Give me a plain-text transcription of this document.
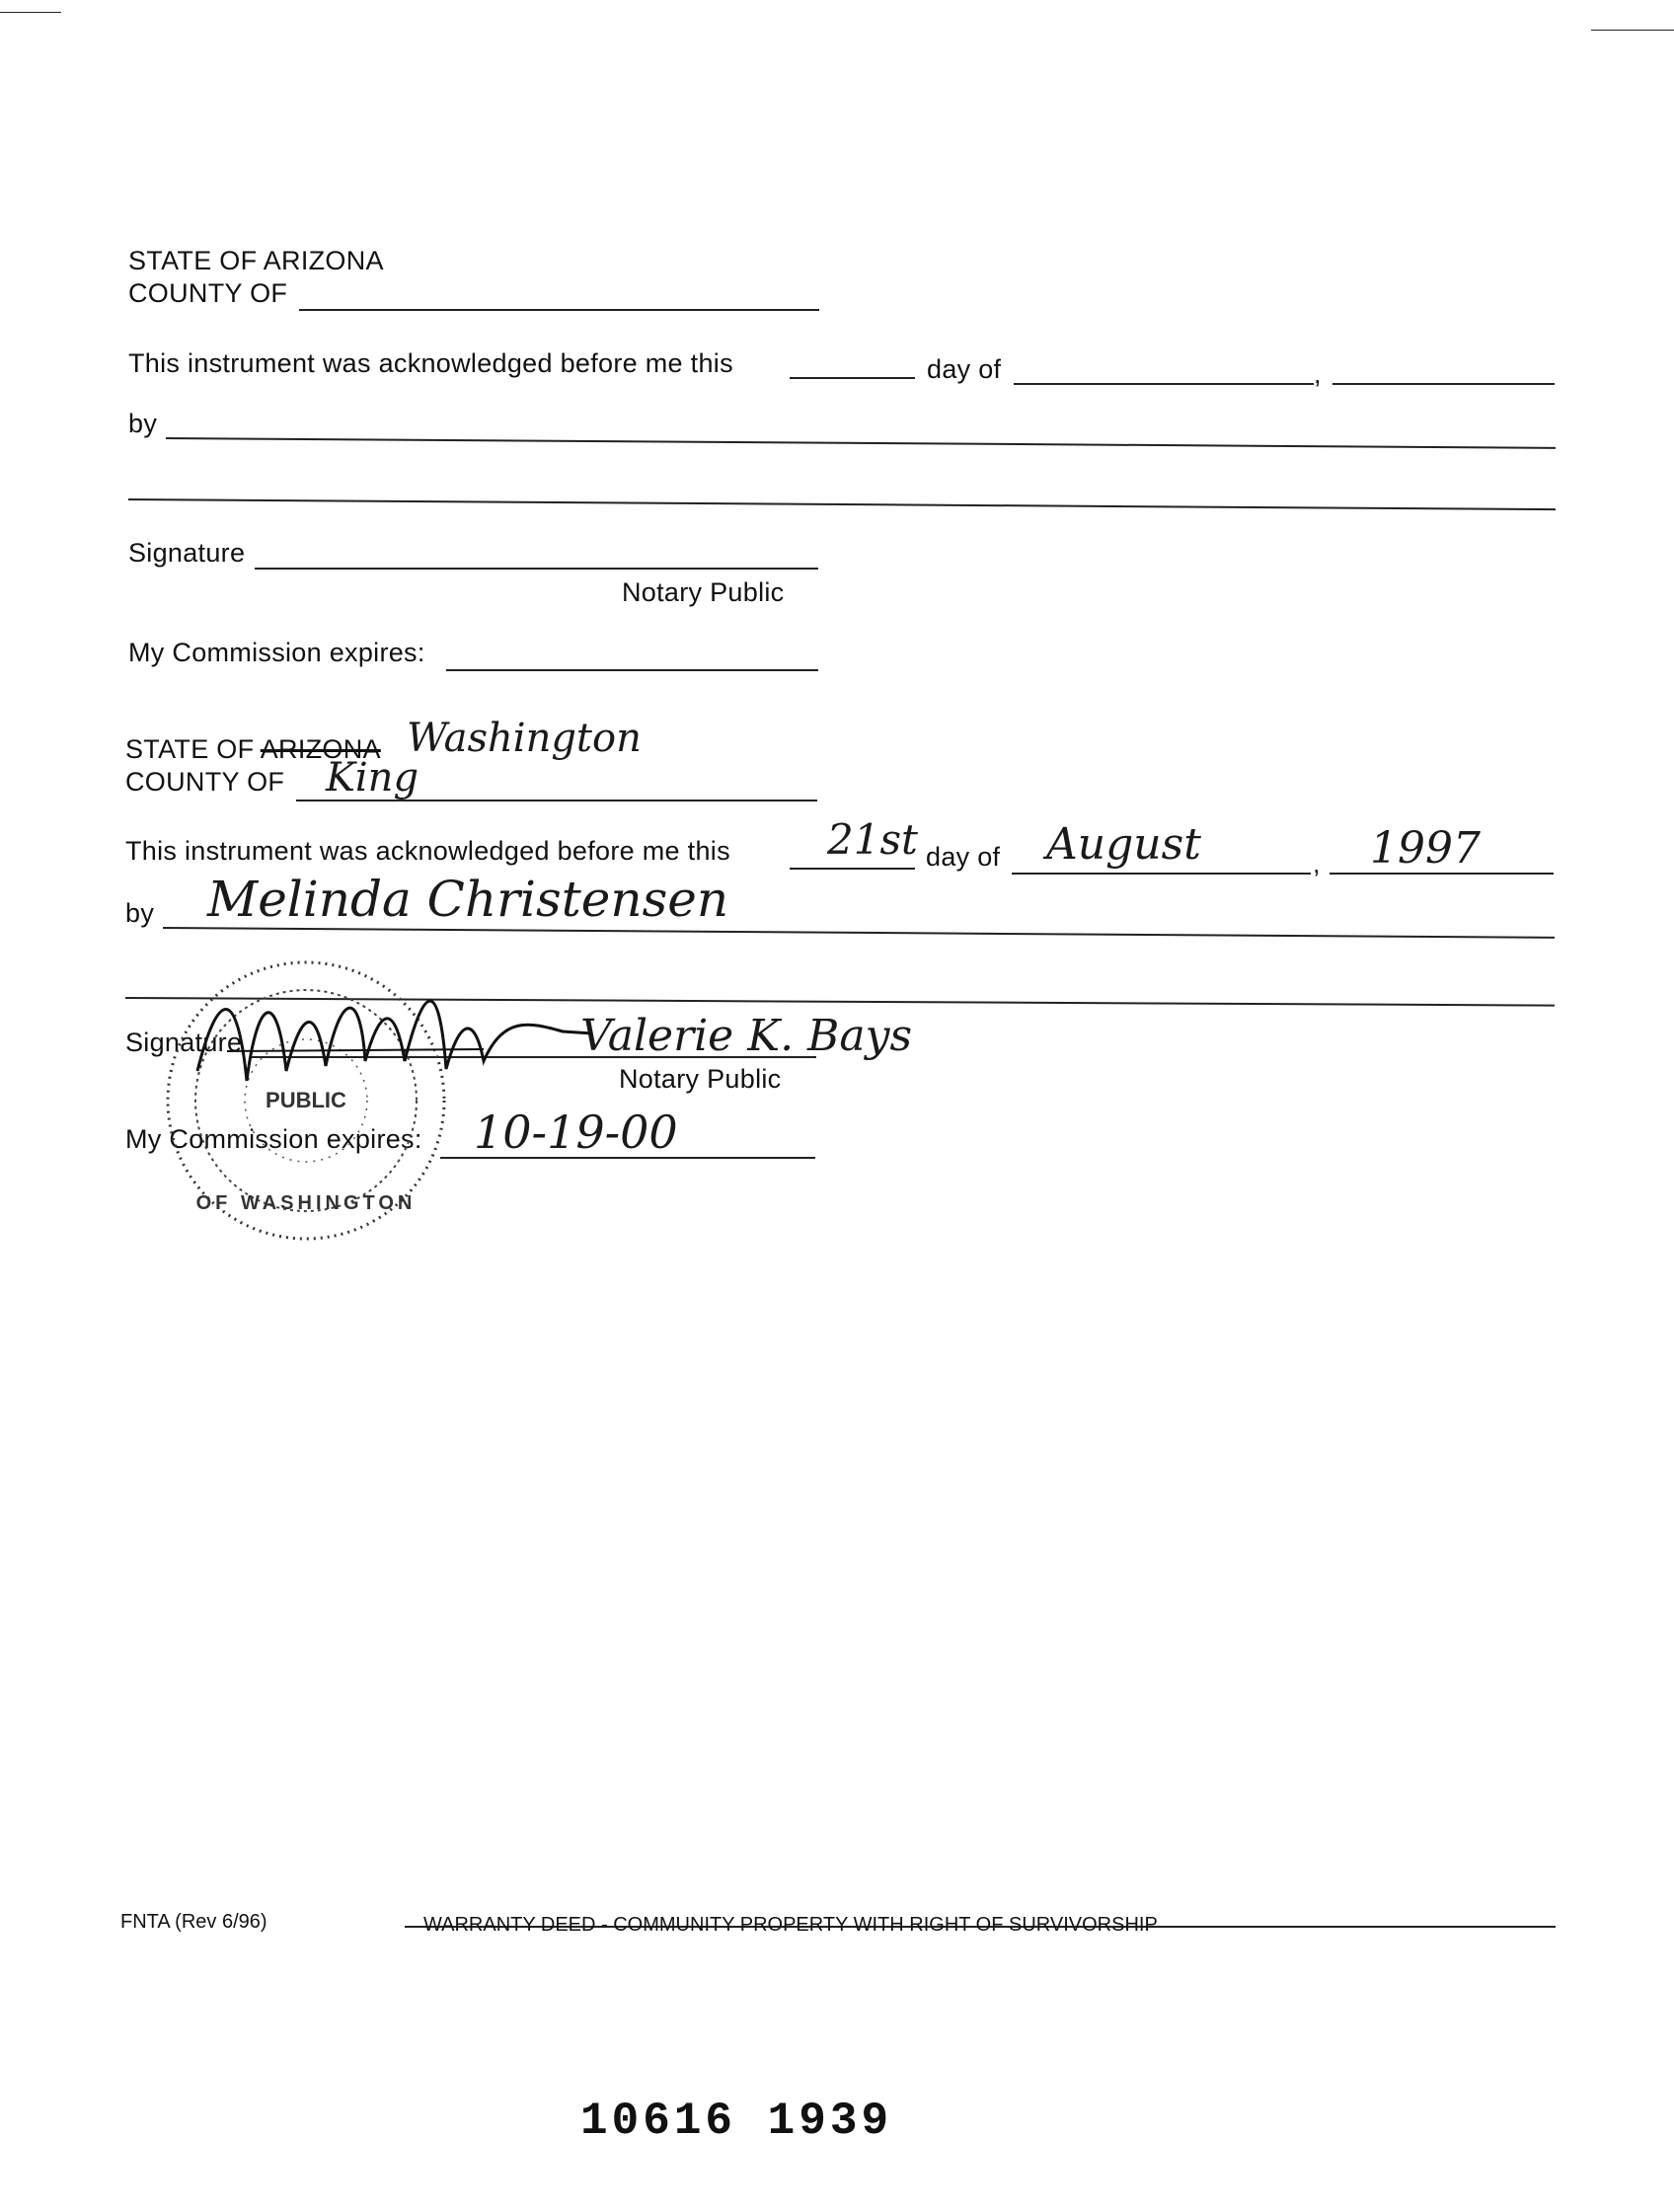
STATE OF ARIZONA
COUNTY OF
This instrument was acknowledged before me this	day of	,
by
Signature
Notary Public
My Commission expires:
STATE OF ARIZONA Washington
COUNTY OF King
This instrument was acknowledged before me this 21st day of August	, 1997
by Melinda Christensen
Signature	Valerie K. Bays
Notary Public
My Commission expires: 10-19-00
PUBLIC
OF WASHINGTON
FNTA (Rev 6/96)	WARRANTY DEED - COMMUNITY PROPERTY WITH RIGHT OF SURVIVORSHIP
10616 1939
